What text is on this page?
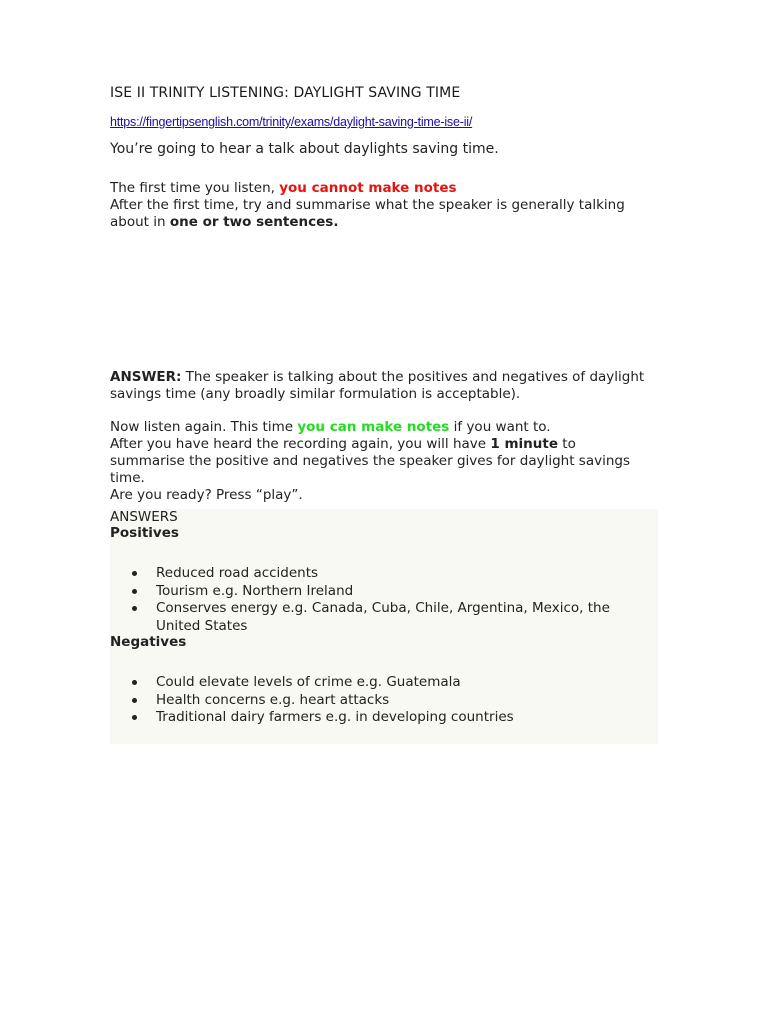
ISE II TRINITY LISTENING: DAYLIGHT SAVING TIME
https://fingertipsenglish.com/trinity/exams/daylight-saving-time-ise-ii/
You’re going to hear a talk about daylights saving time.
The first time you listen, you cannot make notes
After the first time, try and summarise what the speaker is generally talking about in one or two sentences.
ANSWER: The speaker is talking about the positives and negatives of daylight savings time (any broadly similar formulation is acceptable).
Now listen again. This time you can make notes if you want to.
After you have heard the recording again, you will have 1 minute to summarise the positive and negatives the speaker gives for daylight savings time.
Are you ready? Press “play”.
ANSWERS
Positives
Reduced road accidents
Tourism e.g. Northern Ireland
Conserves energy e.g. Canada, Cuba, Chile, Argentina, Mexico, the United States
Negatives
Could elevate levels of crime e.g. Guatemala
Health concerns e.g. heart attacks
Traditional dairy farmers e.g. in developing countries
